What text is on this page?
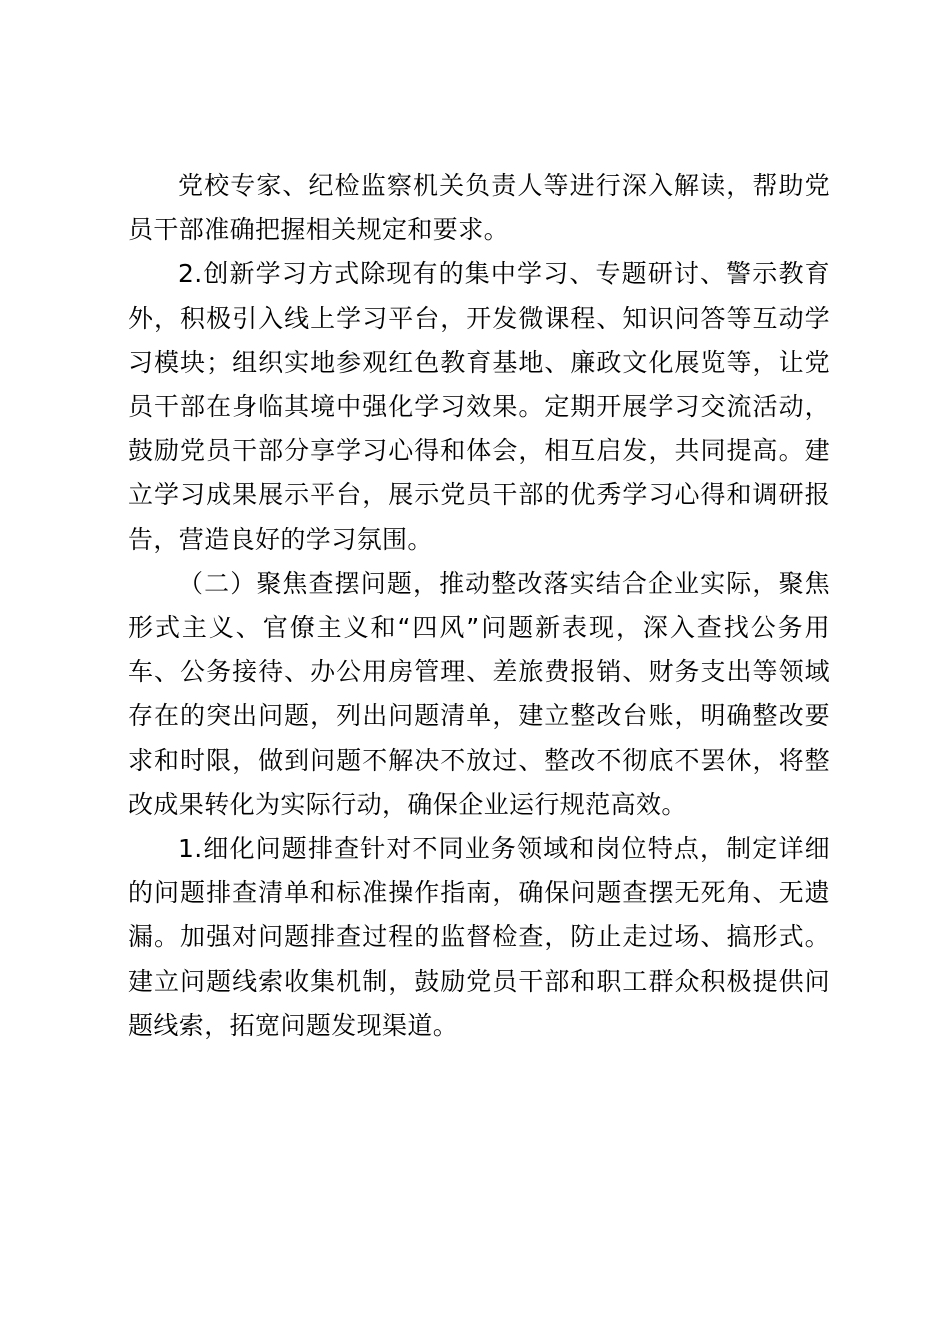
党校专家、纪检监察机关负责人等进行深入解读，帮助党员干部准确把握相关规定和要求。

2.创新学习方式除现有的集中学习、专题研讨、警示教育外，积极引入线上学习平台，开发微课程、知识问答等互动学习模块；组织实地参观红色教育基地、廉政文化展览等，让党员干部在身临其境中强化学习效果。定期开展学习交流活动，鼓励党员干部分享学习心得和体会，相互启发，共同提高。建立学习成果展示平台，展示党员干部的优秀学习心得和调研报告，营造良好的学习氛围。

（二）聚焦查摆问题，推动整改落实结合企业实际，聚焦形式主义、官僚主义和“四风”问题新表现，深入查找公务用车、公务接待、办公用房管理、差旅费报销、财务支出等领域存在的突出问题，列出问题清单，建立整改台账，明确整改要求和时限，做到问题不解决不放过、整改不彻底不罢休，将整改成果转化为实际行动，确保企业运行规范高效。

1.细化问题排查针对不同业务领域和岗位特点，制定详细的问题排查清单和标准操作指南，确保问题查摆无死角、无遗漏。加强对问题排查过程的监督检查，防止走过场、搞形式。建立问题线索收集机制，鼓励党员干部和职工群众积极提供问题线索，拓宽问题发现渠道。
